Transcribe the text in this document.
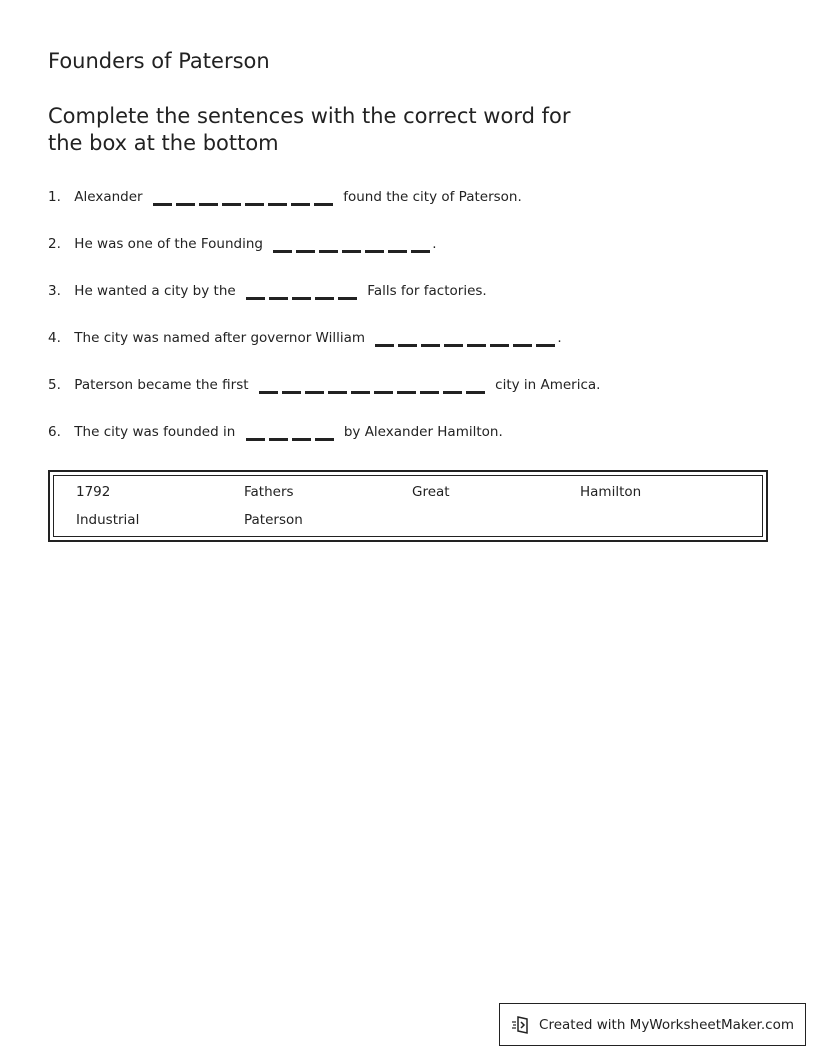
Founders of Paterson

Complete the sentences with the correct word for the box at the bottom

1. Alexander	found the city of Paterson.
2. He was one of the Founding	.
3. He wanted a city by the	Falls for factories.
4. The city was named after governor William	.
5. Paterson became the first	city in America.
6. The city was founded in	by Alexander Hamilton.
1792	Fathers	Great	Hamilton
Industrial	Paterson
Created with MyWorksheetMaker.com
